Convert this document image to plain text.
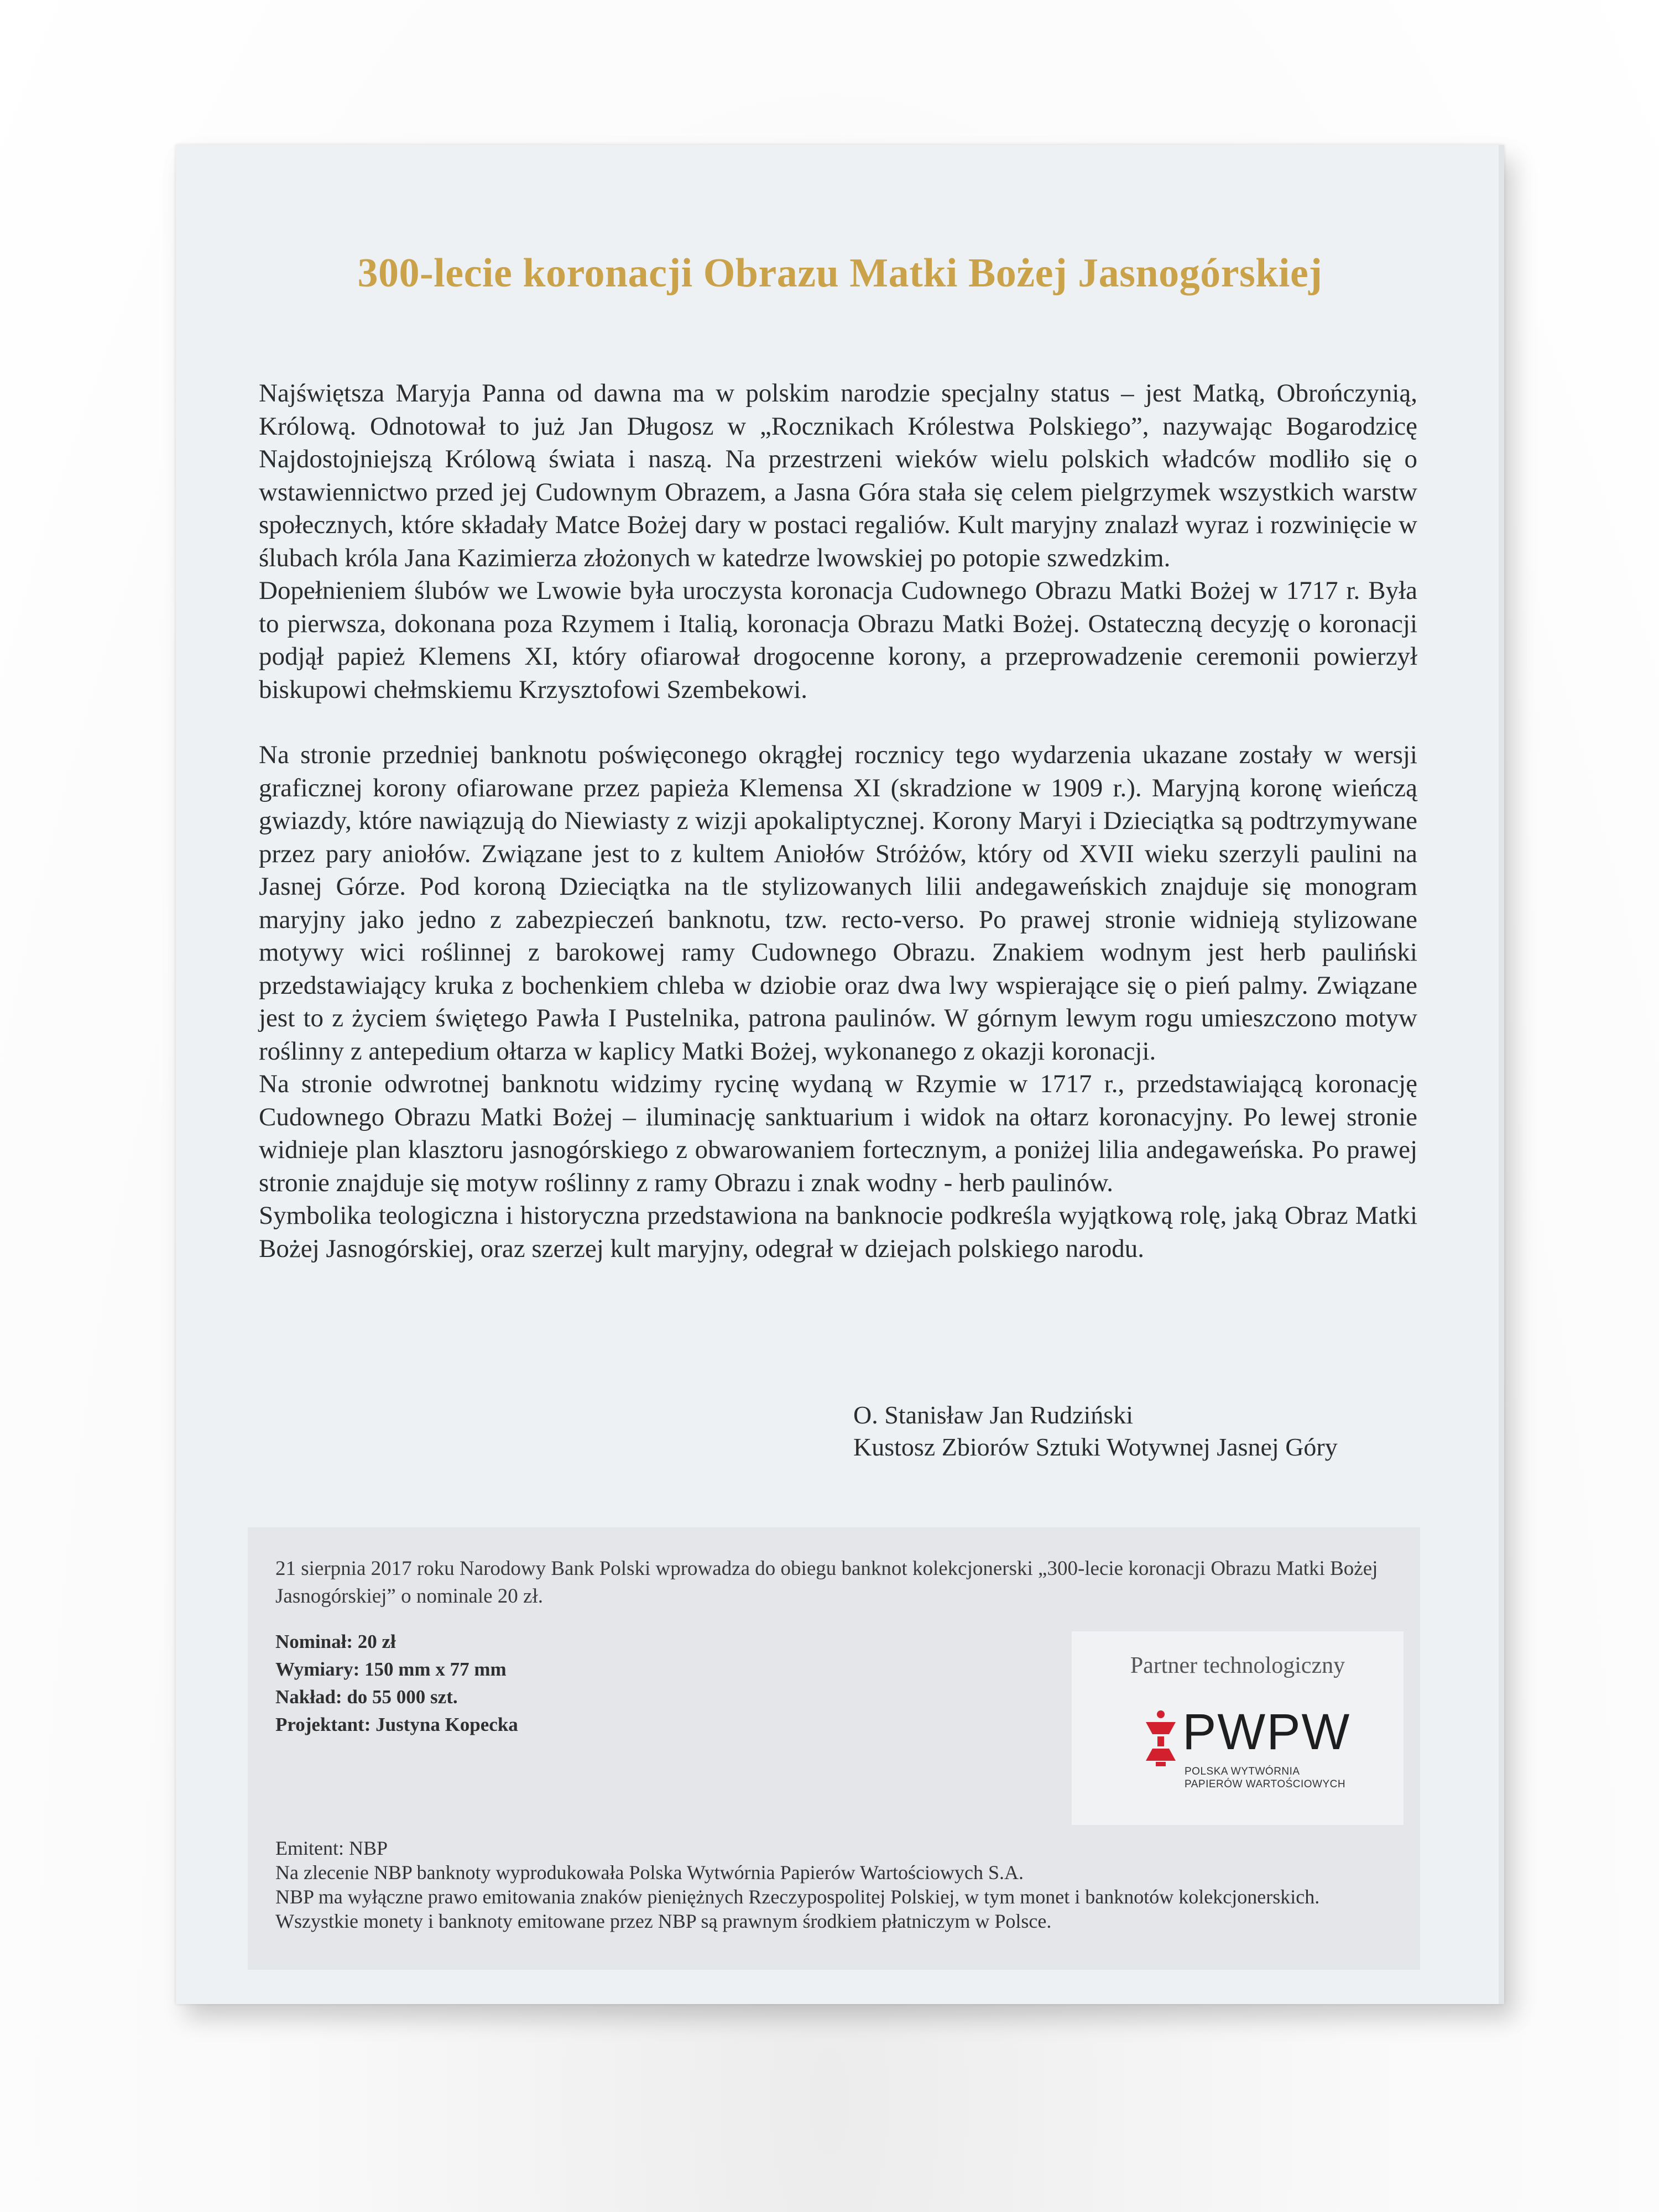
300-lecie koronacji Obrazu Matki Bożej Jasnogórskiej

Najświętsza Maryja Panna od dawna ma w polskim narodzie specjalny status – jest Matką, Obrończynią, Królową. Odnotował to już Jan Długosz w „Rocznikach Królestwa Polskiego”, nazywając Bogarodzicę Najdostojniejszą Królową świata i naszą. Na przestrzeni wieków wielu polskich władców modliło się o wstawiennictwo przed jej Cudownym Obrazem, a Jasna Góra stała się celem pielgrzymek wszystkich warstw społecznych, które składały Matce Bożej dary w postaci regaliów. Kult maryjny znalazł wyraz i rozwinięcie w ślubach króla Jana Kazimierza złożonych w katedrze lwowskiej po potopie szwedzkim.

Dopełnieniem ślubów we Lwowie była uroczysta koronacja Cudownego Obrazu Matki Bożej w 1717 r. Była to pierwsza, dokonana poza Rzymem i Italią, koronacja Obrazu Matki Bożej. Ostateczną decyzję o koronacji podjął papież Klemens XI, który ofiarował drogocenne korony, a przeprowadzenie ceremonii powierzył biskupowi chełmskiemu Krzysztofowi Szembekowi.

Na stronie przedniej banknotu poświęconego okrągłej rocznicy tego wydarzenia ukazane zostały w wersji graficznej korony ofiarowane przez papieża Klemensa XI (skradzione w 1909 r.). Maryjną koronę wieńczą gwiazdy, które nawiązują do Niewiasty z wizji apokaliptycznej. Korony Maryi i Dzieciątka są podtrzymywane przez pary aniołów. Związane jest to z kultem Aniołów Stróżów, który od XVII wieku szerzyli paulini na Jasnej Górze. Pod koroną Dzieciątka na tle stylizowanych lilii andegaweńskich znajduje się monogram maryjny jako jedno z zabezpieczeń banknotu, tzw. recto-verso. Po prawej stronie widnieją stylizowane motywy wici roślinnej z barokowej ramy Cudownego Obrazu. Znakiem wodnym jest herb pauliński przedstawiający kruka z bochenkiem chleba w dziobie oraz dwa lwy wspierające się o pień palmy. Związane jest to z życiem świętego Pawła I Pustelnika, patrona paulinów. W górnym lewym rogu umieszczono motyw roślinny z antepedium ołtarza w kaplicy Matki Bożej, wykonanego z okazji koronacji.

Na stronie odwrotnej banknotu widzimy rycinę wydaną w Rzymie w 1717 r., przedstawiającą koronację Cudownego Obrazu Matki Bożej – iluminację sanktuarium i widok na ołtarz koronacyjny. Po lewej stronie widnieje plan klasztoru jasnogórskiego z obwarowaniem fortecznym, a poniżej lilia andegaweńska. Po prawej stronie znajduje się motyw roślinny z ramy Obrazu i znak wodny - herb paulinów.

Symbolika teologiczna i historyczna przedstawiona na banknocie podkreśla wyjątkową rolę, jaką Obraz Matki Bożej Jasnogórskiej, oraz szerzej kult maryjny, odegrał w dziejach polskiego narodu.

O. Stanisław Jan Rudziński
Kustosz Zbiorów Sztuki Wotywnej Jasnej Góry
21 sierpnia 2017 roku Narodowy Bank Polski wprowadza do obiegu banknot kolekcjonerski „300-lecie koronacji Obrazu Matki Bożej Jasnogórskiej” o nominale 20 zł.
Nominał: 20 zł
Wymiary: 150 mm x 77 mm
Nakład: do 55 000 szt.
Projektant: Justyna Kopecka
Partner technologiczny
PWPW
POLSKA WYTWÓRNIA
PAPIERÓW WARTOŚCIOWYCH
Emitent: NBP
Na zlecenie NBP banknoty wyprodukowała Polska Wytwórnia Papierów Wartościowych S.A.
NBP ma wyłączne prawo emitowania znaków pieniężnych Rzeczypospolitej Polskiej, w tym monet i banknotów kolekcjonerskich. Wszystkie monety i banknoty emitowane przez NBP są prawnym środkiem płatniczym w Polsce.
